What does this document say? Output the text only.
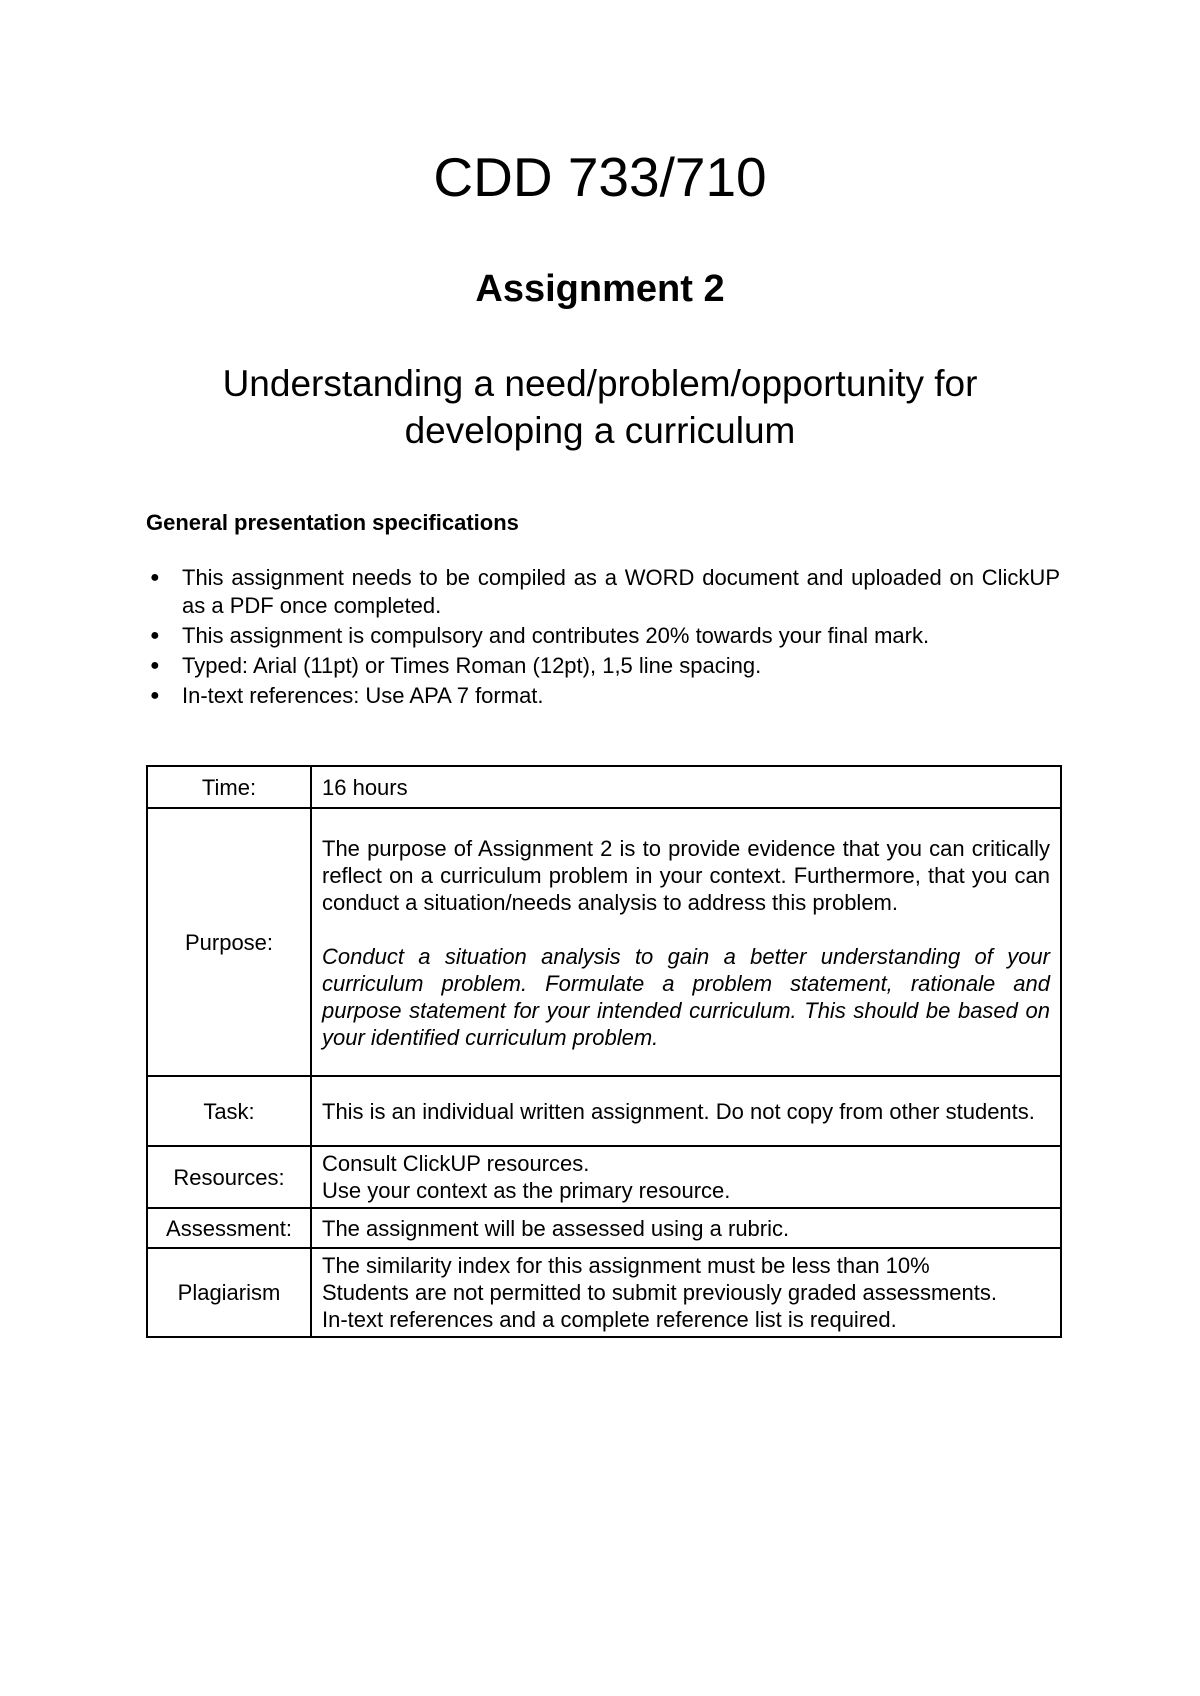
CDD 733/710
Assignment 2
Understanding a need/problem/opportunity for
developing a curriculum
General presentation specifications
● This assignment needs to be compiled as a WORD document and uploaded on ClickUP as a PDF once completed.
● This assignment is compulsory and contributes 20% towards your final mark.
● Typed: Arial (11pt) or Times Roman (12pt), 1,5 line spacing.
● In-text references: Use APA 7 format.
Time:	16 hours
Purpose:	The purpose of Assignment 2 is to provide evidence that you can critically reflect on a curriculum problem in your context. Furthermore, that you can conduct a situation/needs analysis to address this problem.

Conduct a situation analysis to gain a better understanding of your curriculum problem. Formulate a problem statement, rationale and purpose statement for your intended curriculum. This should be based on your identified curriculum problem.

Task:	This is an individual written assignment. Do not copy from other students.
Resources:	Consult ClickUP resources.
Use your context as the primary resource.

Assessment:	The assignment will be assessed using a rubric.
Plagiarism	The similarity index for this assignment must be less than 10%
Students are not permitted to submit previously graded assessments.
In-text references and a complete reference list is required.
